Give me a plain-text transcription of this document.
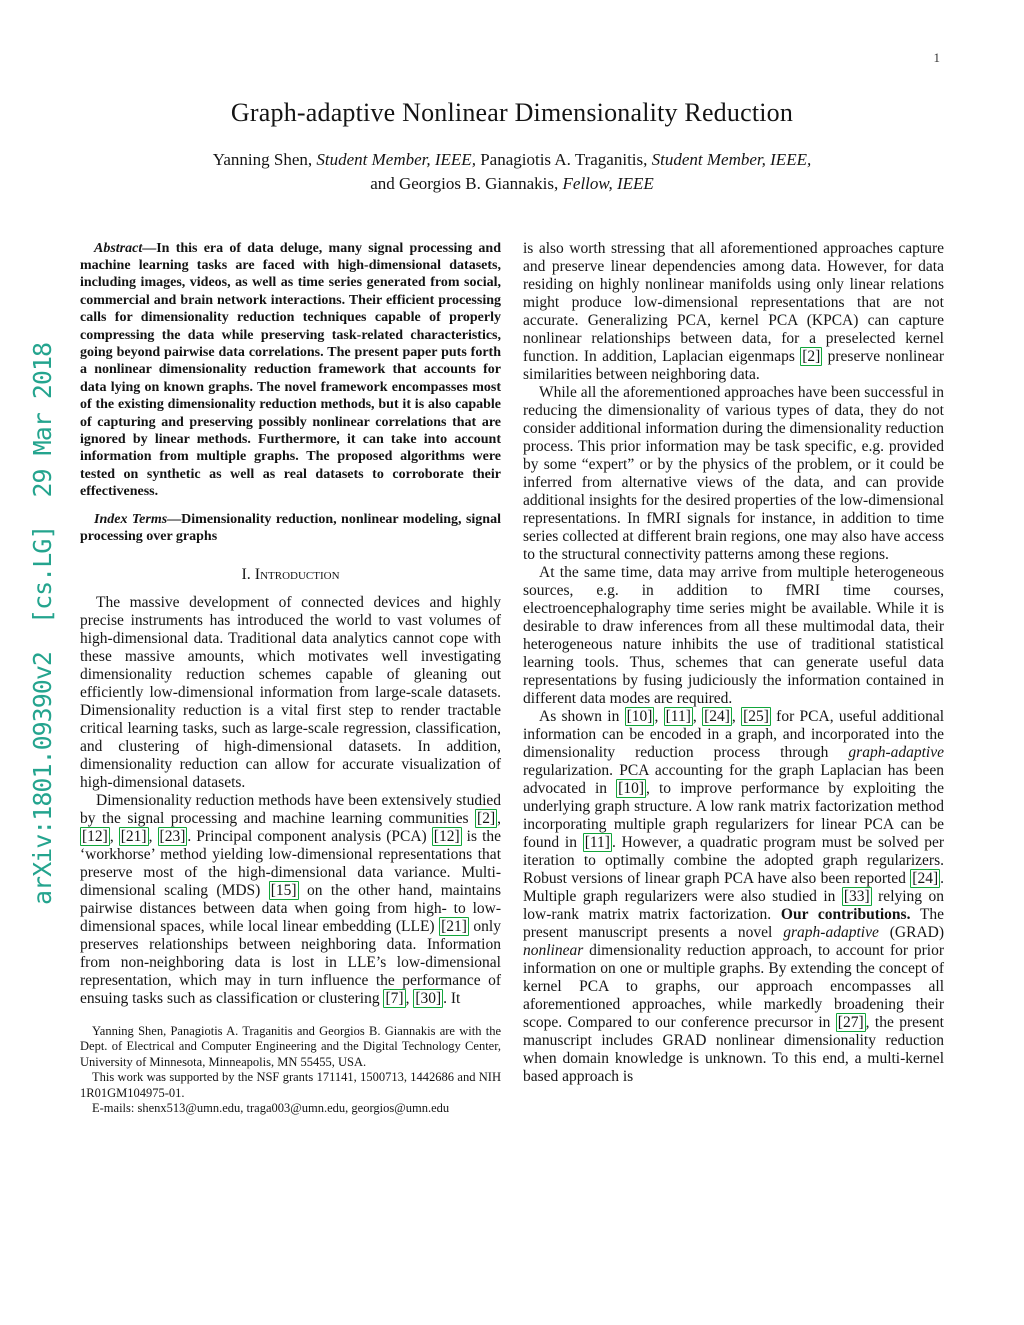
1
arXiv:1801.09390v2  [cs.LG]  29 Mar 2018
Graph-adaptive Nonlinear Dimensionality Reduction
Yanning Shen, Student Member, IEEE, Panagiotis A. Traganitis, Student Member, IEEE,
and Georgios B. Giannakis, Fellow, IEEE

Abstract—In this era of data deluge, many signal processing and machine learning tasks are faced with high-dimensional datasets, including images, videos, as well as time series generated from social, commercial and brain network interactions. Their efficient processing calls for dimensionality reduction techniques capable of properly compressing the data while preserving task-related characteristics, going beyond pairwise data correlations. The present paper puts forth a nonlinear dimensionality reduction framework that accounts for data lying on known graphs. The novel framework encompasses most of the existing dimensionality reduction methods, but it is also capable of capturing and preserving possibly nonlinear correlations that are ignored by linear methods. Furthermore, it can take into account information from multiple graphs. The proposed algorithms were tested on synthetic as well as real datasets to corroborate their effectiveness.

Index Terms—Dimensionality reduction, nonlinear modeling, signal processing over graphs

I. Introduction

The massive development of connected devices and highly precise instruments has introduced the world to vast volumes of high-dimensional data. Traditional data analytics cannot cope with these massive amounts, which motivates well investigating dimensionality reduction schemes capable of gleaning out efficiently low-dimensional information from large-scale datasets. Dimensionality reduction is a vital first step to render tractable critical learning tasks, such as large-scale regression, classification, and clustering of high-dimensional datasets. In addition, dimensionality reduction can allow for accurate visualization of high-dimensional datasets.

Dimensionality reduction methods have been extensively studied by the signal processing and machine learning communities [2] , [12] , [21] , [23] . Principal component analysis (PCA) [12] is the ‘workhorse’ method yielding low-dimensional representations that preserve most of the high-dimensional data variance. Multi-dimensional scaling (MDS) [15] on the other hand, maintains pairwise distances between data when going from high- to low-dimensional spaces, while local linear embedding (LLE) [21] only preserves relationships between neighboring data. Information from non-neighboring data is lost in LLE’s low-dimensional representation, which may in turn influence the performance of ensuing tasks such as classification or clustering [7] , [30] . It

Yanning Shen, Panagiotis A. Traganitis and Georgios B. Giannakis are with the Dept. of Electrical and Computer Engineering and the Digital Technology Center, University of Minnesota, Minneapolis, MN 55455, USA.

This work was supported by the NSF grants 171141, 1500713, 1442686 and NIH 1R01GM104975-01.

E-mails: shenx513@umn.edu, traga003@umn.edu, georgios@umn.edu

is also worth stressing that all aforementioned approaches capture and preserve linear dependencies among data. However, for data residing on highly nonlinear manifolds using only linear relations might produce low-dimensional representations that are not accurate. Generalizing PCA, kernel PCA (KPCA) can capture nonlinear relationships between data, for a preselected kernel function. In addition, Laplacian eigenmaps [2] preserve nonlinear similarities between neighboring data.

While all the aforementioned approaches have been successful in reducing the dimensionality of various types of data, they do not consider additional information during the dimensionality reduction process. This prior information may be task specific, e.g. provided by some “expert” or by the physics of the problem, or it could be inferred from alternative views of the data, and can provide additional insights for the desired properties of the low-dimensional representations. In fMRI signals for instance, in addition to time series collected at different brain regions, one may also have access to the structural connectivity patterns among these regions.

At the same time, data may arrive from multiple heterogeneous sources, e.g. in addition to fMRI time courses, electroencephalography time series might be available. While it is desirable to draw inferences from all these multimodal data, their heterogeneous nature inhibits the use of traditional statistical learning tools. Thus, schemes that can generate useful data representations by fusing judiciously the information contained in different data modes are required.

As shown in [10] , [11] , [24] , [25] for PCA, useful additional information can be encoded in a graph, and incorporated into the dimensionality reduction process through graph-adaptive regularization. PCA accounting for the graph Laplacian has been advocated in [10] , to improve performance by exploiting the underlying graph structure. A low rank matrix factorization method incorporating multiple graph regularizers for linear PCA can be found in [11] . However, a quadratic program must be solved per iteration to optimally combine the adopted graph regularizers. Robust versions of linear graph PCA have also been reported [24] . Multiple graph regularizers were also studied in [33] relying on low-rank matrix matrix factorization. Our contributions. The present manuscript presents a novel graph-adaptive (GRAD) nonlinear dimensionality reduction approach, to account for prior information on one or multiple graphs. By extending the concept of kernel PCA to graphs, our approach encompasses all aforementioned approaches, while markedly broadening their scope. Compared to our conference precursor in [27] , the present manuscript includes GRAD nonlinear dimensionality reduction when domain knowledge is unknown. To this end, a multi-kernel based approach is
